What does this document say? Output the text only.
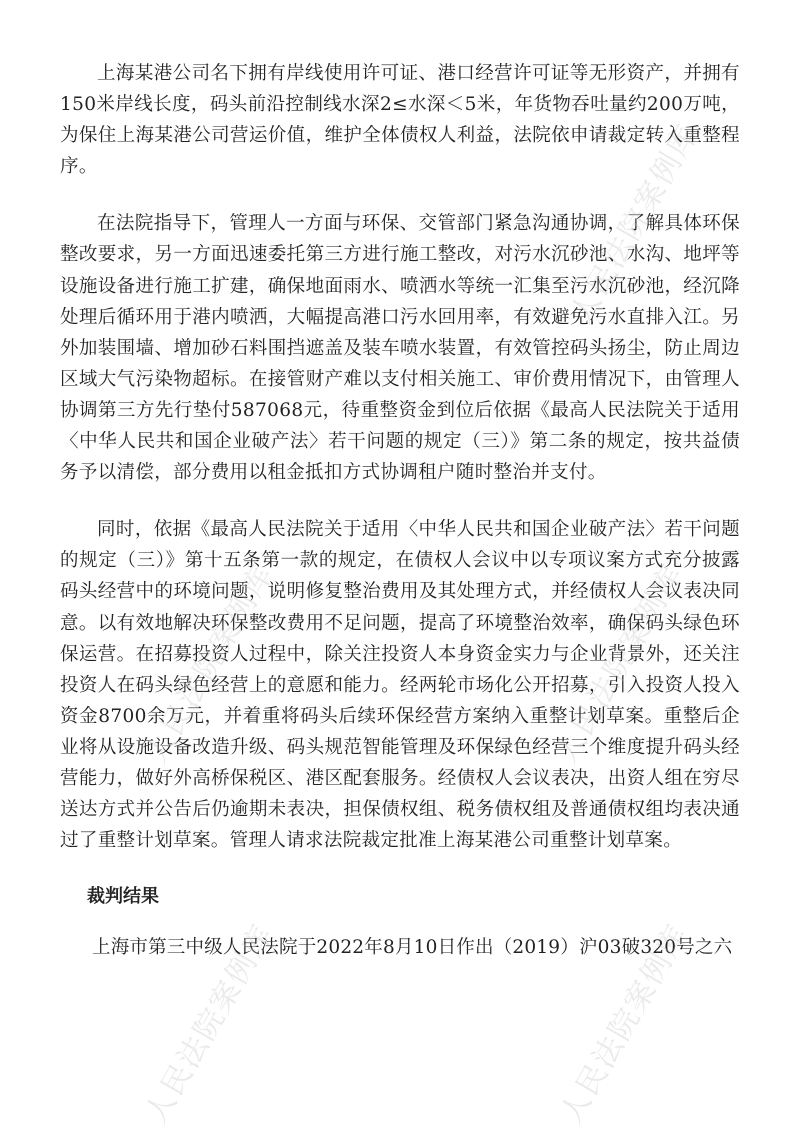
上海某港公司名下拥有岸线使用许可证、港口经营许可证等无形资产，并拥有150米岸线长度，码头前沿控制线水深2≤水深＜5米，年货物吞吐量约200万吨，为保住上海某港公司营运价值，维护全体债权人利益，法院依申请裁定转入重整程序。

在法院指导下，管理人一方面与环保、交管部门紧急沟通协调，了解具体环保整改要求，另一方面迅速委托第三方进行施工整改，对污水沉砂池、水沟、地坪等设施设备进行施工扩建，确保地面雨水、喷洒水等统一汇集至污水沉砂池，经沉降处理后循环用于港内喷洒，大幅提高港口污水回用率，有效避免污水直排入江。另外加装围墙、增加砂石料围挡遮盖及装车喷水装置，有效管控码头扬尘，防止周边区域大气污染物超标。在接管财产难以支付相关施工、审价费用情况下，由管理人协调第三方先行垫付587068元，待重整资金到位后依据《最高人民法院关于适用〈中华人民共和国企业破产法〉若干问题的规定（三）》第二条的规定，按共益债务予以清偿，部分费用以租金抵扣方式协调租户随时整治并支付。

同时，依据《最高人民法院关于适用〈中华人民共和国企业破产法〉若干问题的规定（三）》第十五条第一款的规定，在债权人会议中以专项议案方式充分披露码头经营中的环境问题，说明修复整治费用及其处理方式，并经债权人会议表决同意。以有效地解决环保整改费用不足问题，提高了环境整治效率，确保码头绿色环保运营。在招募投资人过程中，除关注投资人本身资金实力与企业背景外，还关注投资人在码头绿色经营上的意愿和能力。经两轮市场化公开招募，引入投资人投入资金8700余万元，并着重将码头后续环保经营方案纳入重整计划草案。重整后企业将从设施设备改造升级、码头规范智能管理及环保绿色经营三个维度提升码头经营能力，做好外高桥保税区、港区配套服务。经债权人会议表决，出资人组在穷尽送达方式并公告后仍逾期未表决，担保债权组、税务债权组及普通债权组均表决通过了重整计划草案。管理人请求法院裁定批准上海某港公司重整计划草案。

裁判结果

上海市第三中级人民法院于2022年8月10日作出（2019）沪03破320号之六

人民法院案例库
人民法院案例库	人民法院案例库
人民法院案例库	人民法院案例库
